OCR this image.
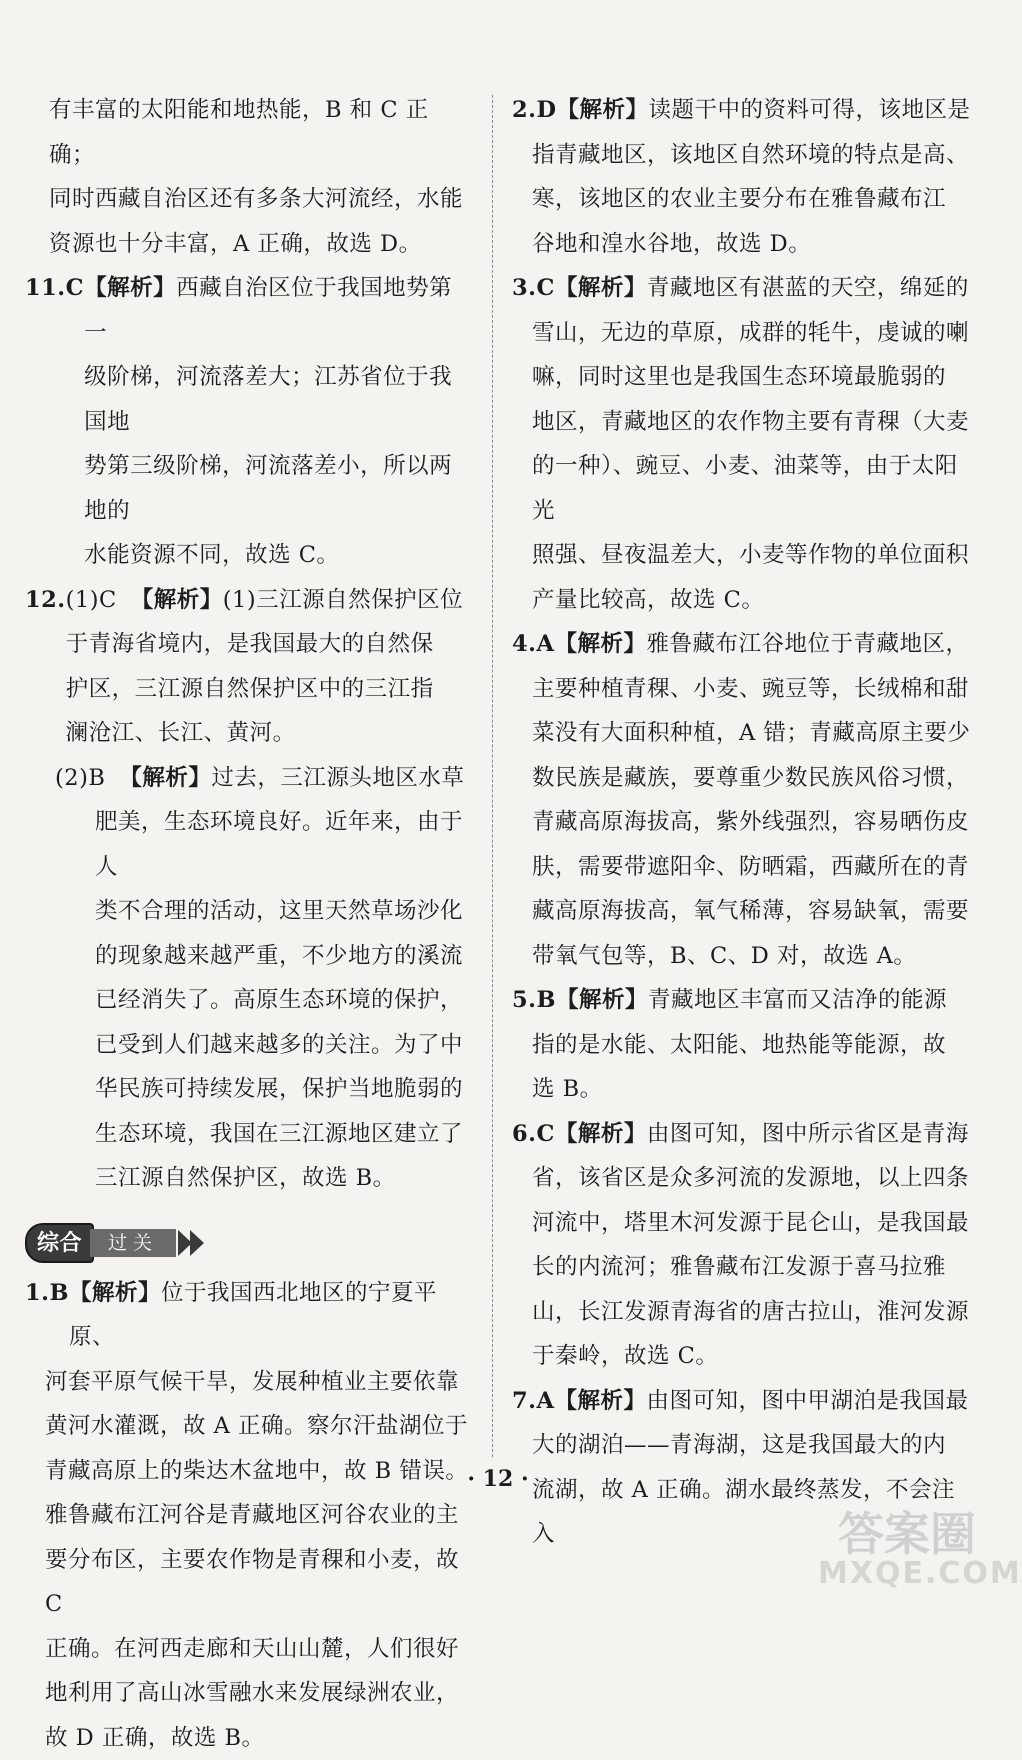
有丰富的太阳能和地热能，B 和 C 正确；
同时西藏自治区还有多条大河流经，水能
资源也十分丰富，A 正确，故选 D。
11.C 【解析】西藏自治区位于我国地势第一
级阶梯，河流落差大；江苏省位于我国地
势第三级阶梯，河流落差小，所以两地的
水能资源不同，故选 C。
12. (1)C 【解析】(1)三江源自然保护区位
于青海省境内，是我国最大的自然保
护区，三江源自然保护区中的三江指
澜沧江、长江、黄河。
(2)B 【解析】过去，三江源头地区水草
肥美，生态环境良好。近年来，由于人
类不合理的活动，这里天然草场沙化
的现象越来越严重，不少地方的溪流
已经消失了。高原生态环境的保护，
已受到人们越来越多的关注。为了中
华民族可持续发展，保护当地脆弱的
生态环境，我国在三江源地区建立了
三江源自然保护区，故选 B。
综合	过关
1.B 【解析】位于我国西北地区的宁夏平原、
河套平原气候干旱，发展种植业主要依靠
黄河水灌溉，故 A 正确。察尔汗盐湖位于
青藏高原上的柴达木盆地中，故 B 错误。
雅鲁藏布江河谷是青藏地区河谷农业的主
要分布区，主要农作物是青稞和小麦，故 C
正确。在河西走廊和天山山麓，人们很好
地利用了高山冰雪融水来发展绿洲农业，
故 D 正确，故选 B。
2.D 【解析】读题干中的资料可得，该地区是
指青藏地区，该地区自然环境的特点是高、
寒，该地区的农业主要分布在雅鲁藏布江
谷地和湟水谷地，故选 D。
3.C 【解析】青藏地区有湛蓝的天空，绵延的
雪山，无边的草原，成群的牦牛，虔诚的喇
嘛，同时这里也是我国生态环境最脆弱的
地区，青藏地区的农作物主要有青稞（大麦
的一种）、豌豆、小麦、油菜等，由于太阳光
照强、昼夜温差大，小麦等作物的单位面积
产量比较高，故选 C。
4.A 【解析】雅鲁藏布江谷地位于青藏地区，
主要种植青稞、小麦、豌豆等，长绒棉和甜
菜没有大面积种植，A 错；青藏高原主要少
数民族是藏族，要尊重少数民族风俗习惯，
青藏高原海拔高，紫外线强烈，容易晒伤皮
肤，需要带遮阳伞、防晒霜，西藏所在的青
藏高原海拔高，氧气稀薄，容易缺氧，需要
带氧气包等，B、C、D 对，故选 A。
5.B 【解析】青藏地区丰富而又洁净的能源
指的是水能、太阳能、地热能等能源，故
选 B。
6.C 【解析】由图可知，图中所示省区是青海
省，该省区是众多河流的发源地，以上四条
河流中，塔里木河发源于昆仑山，是我国最
长的内流河；雅鲁藏布江发源于喜马拉雅
山，长江发源青海省的唐古拉山，淮河发源
于秦岭，故选 C。
7.A 【解析】由图可知，图中甲湖泊是我国最
大的湖泊——青海湖，这是我国最大的内
流湖，故 A 正确。湖水最终蒸发，不会注入
· 12 ·
答案圈
MXQE.COM
